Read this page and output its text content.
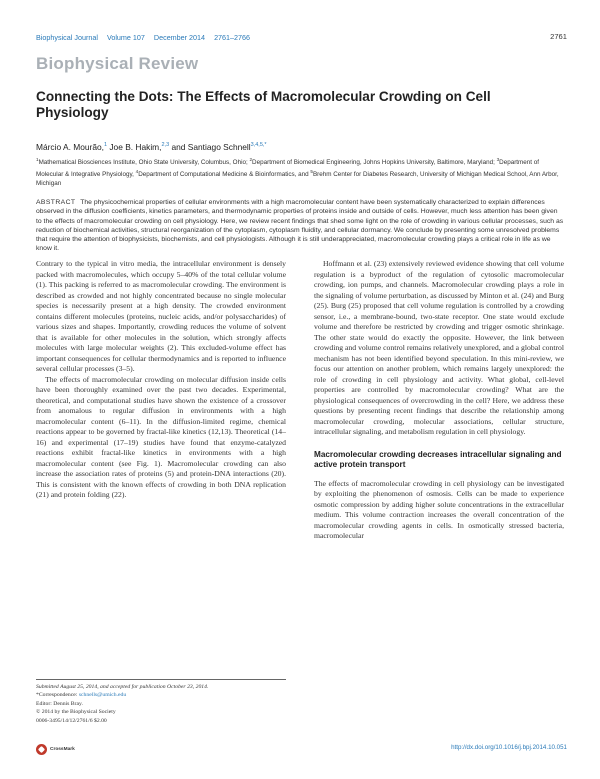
Biophysical Journal Volume 107 December 2014 2761–2766	2761
Biophysical Review
Connecting the Dots: The Effects of Macromolecular Crowding on Cell Physiology
Márcio A. Mourão,$^1$ Joe B. Hakim,$^{2,3}$ and Santiago Schnell$^{3,4,5,*}$
$^1$Mathematical Biosciences Institute, Ohio State University, Columbus, Ohio; $^2$Department of Biomedical Engineering, Johns Hopkins University, Baltimore, Maryland; $^3$Department of Molecular & Integrative Physiology, $^4$Department of Computational Medicine & Bioinformatics, and $^5$Brehm Center for Diabetes Research, University of Michigan Medical School, Ann Arbor, Michigan
ABSTRACT The physicochemical properties of cellular environments with a high macromolecular content have been systematically characterized to explain differences observed in the diffusion coefficients, kinetics parameters, and thermodynamic properties of proteins inside and outside of cells. However, much less attention has been given to the effects of macromolecular crowding on cell physiology. Here, we review recent findings that shed some light on the role of crowding in various cellular processes, such as reduction of biochemical activities, structural reorganization of the cytoplasm, cytoplasm fluidity, and cellular dormancy. We conclude by presenting some unresolved problems that require the attention of biophysicists, biochemists, and cell physiologists. Although it is still underappreciated, macromolecular crowding plays a critical role in life as we know it.

Contrary to the typical in vitro media, the intracellular environment is densely packed with macromolecules, which occupy 5–40% of the total cellular volume (1). This packing is referred to as macromolecular crowding. The environment is described as crowded and not highly concentrated because no single molecular species is necessarily present at a high density. The crowded environment contains different molecules (proteins, nucleic acids, and/or polysaccharides) of various sizes and shapes. Importantly, crowding reduces the volume of solvent that is available for other molecules in the solution, which strongly affects molecules with large molecular weights (2). This excluded-volume effect has important consequences for cellular thermodynamics and is reported to influence several cellular processes (3–5).

The effects of macromolecular crowding on molecular diffusion inside cells have been thoroughly examined over the past two decades. Experimental, theoretical, and computational studies have shown the existence of a crossover from anomalous to regular diffusion in environments with a high macromolecular content (6–11). In the diffusion-limited regime, chemical reactions appear to be governed by fractal-like kinetics (12,13). Theoretical (14–16) and experimental (17–19) studies have found that enzyme-catalyzed reactions exhibit fractal-like kinetics in environments with a high macromolecular content (see Fig. 1). Macromolecular crowding can also increase the association rates of proteins (5) and protein-DNA interactions (20). This is consistent with the known effects of crowding in both DNA replication (21) and protein folding (22).

Hoffmann et al. (23) extensively reviewed evidence showing that cell volume regulation is a byproduct of the regulation of cytosolic macromolecular crowding, ion pumps, and channels. Macromolecular crowding plays a role in the signaling of volume perturbation, as discussed by Minton et al. (24) and Burg (25). Burg (25) proposed that cell volume regulation is controlled by a crowding sensor, i.e., a membrane-bound, two-state receptor. One state would exclude volume and therefore be restricted by crowding and trigger osmotic shrinkage. The other state would do exactly the opposite. However, the link between crowding and volume control remains relatively unexplored, and a global control mechanism has not been identified beyond speculation. In this mini-review, we focus our attention on another problem, which remains largely unexplored: the role of crowding in cell physiology and activity. What global, cell-level properties are controlled by macromolecular crowding? What are the physiological consequences of overcrowding in the cell? Here, we address these questions by presenting recent findings that describe the relationship among macromolecular crowding, molecular associations, cellular structure, intracellular signaling, and metabolism regulation in cell physiology.

Macromolecular crowding decreases intracellular signaling and active protein transport

The effects of macromolecular crowding in cell physiology can be investigated by exploiting the phenomenon of osmosis. Cells can be made to experience osmotic compression by adding higher solute concentrations in the extracellular medium. This volume contraction increases the overall concentration of the macromolecular crowding agents in cells. In osmotically stressed bacteria, macromolecular

Submitted August 25, 2014, and accepted for publication October 23, 2014.
*Correspondence: schnells@umich.edu
Editor: Dennis Bray.
© 2014 by the Biophysical Society
0006-3495/14/12/2761/6 $2.00
CrossMark	http://dx.doi.org/10.1016/j.bpj.2014.10.051
